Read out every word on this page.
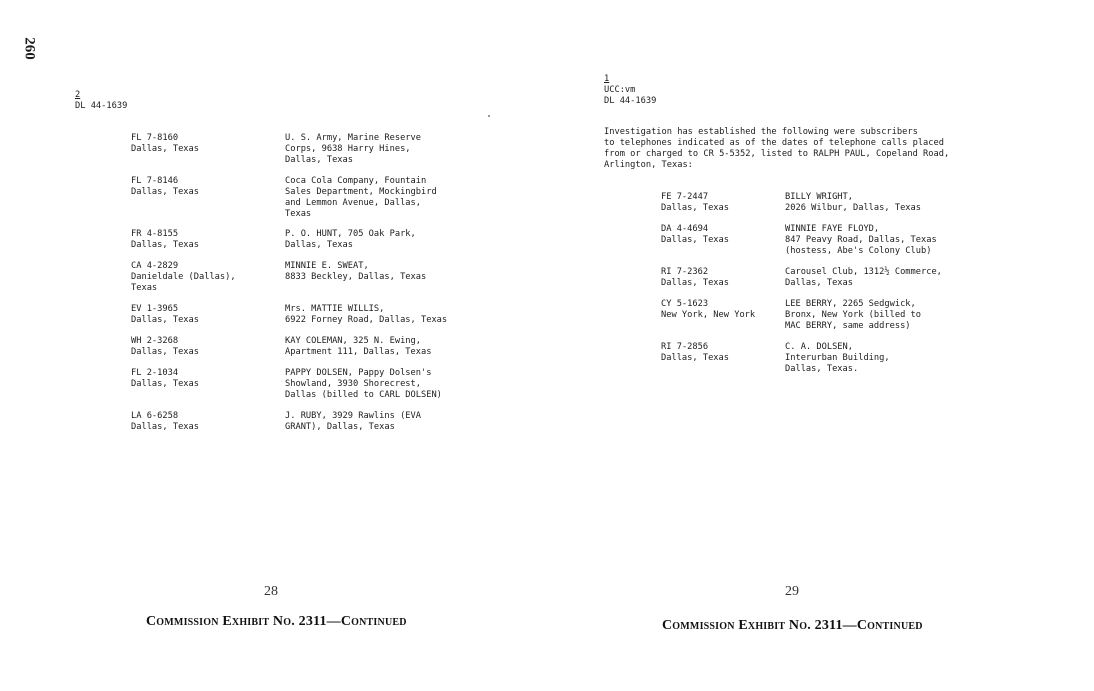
260
2
DL 44-1639
FL 7-8160
Dallas, Texas
U. S. Army, Marine Reserve
Corps, 9638 Harry Hines,
Dallas, Texas
FL 7-8146
Dallas, Texas
Coca Cola Company, Fountain
Sales Department, Mockingbird
and Lemmon Avenue, Dallas,
Texas
FR 4-8155
Dallas, Texas
P. O. HUNT, 705 Oak Park,
Dallas, Texas
CA 4-2829
Danieldale (Dallas),
Texas
MINNIE E. SWEAT,
8833 Beckley, Dallas, Texas
EV 1-3965
Dallas, Texas
Mrs. MATTIE WILLIS,
6922 Forney Road, Dallas, Texas
WH 2-3268
Dallas, Texas
KAY COLEMAN, 325 N. Ewing,
Apartment 111, Dallas, Texas
FL 2-1034
Dallas, Texas
PAPPY DOLSEN, Pappy Dolsen's
Showland, 3930 Shorecrest,
Dallas (billed to CARL DOLSEN)
LA 6-6258
Dallas, Texas
J. RUBY, 3929 Rawlins (EVA
GRANT), Dallas, Texas
28
Commission Exhibit No. 2311—Continued
1
UCC:vm
DL 44-1639
Investigation has established the following were subscribers
to telephones indicated as of the dates of telephone calls placed
from or charged to CR 5-5352, listed to RALPH PAUL, Copeland Road,
Arlington, Texas:
FE 7-2447
Dallas, Texas
BILLY WRIGHT,
2026 Wilbur, Dallas, Texas
DA 4-4694
Dallas, Texas
WINNIE FAYE FLOYD,
847 Peavy Road, Dallas, Texas
(hostess, Abe's Colony Club)
RI 7-2362
Dallas, Texas
Carousel Club, 1312½ Commerce,
Dallas, Texas
CY 5-1623
New York, New York
LEE BERRY, 2265 Sedgwick,
Bronx, New York (billed to
MAC BERRY, same address)
RI 7-2856
Dallas, Texas
C. A. DOLSEN,
Interurban Building,
Dallas, Texas.
29
Commission Exhibit No. 2311—Continued
